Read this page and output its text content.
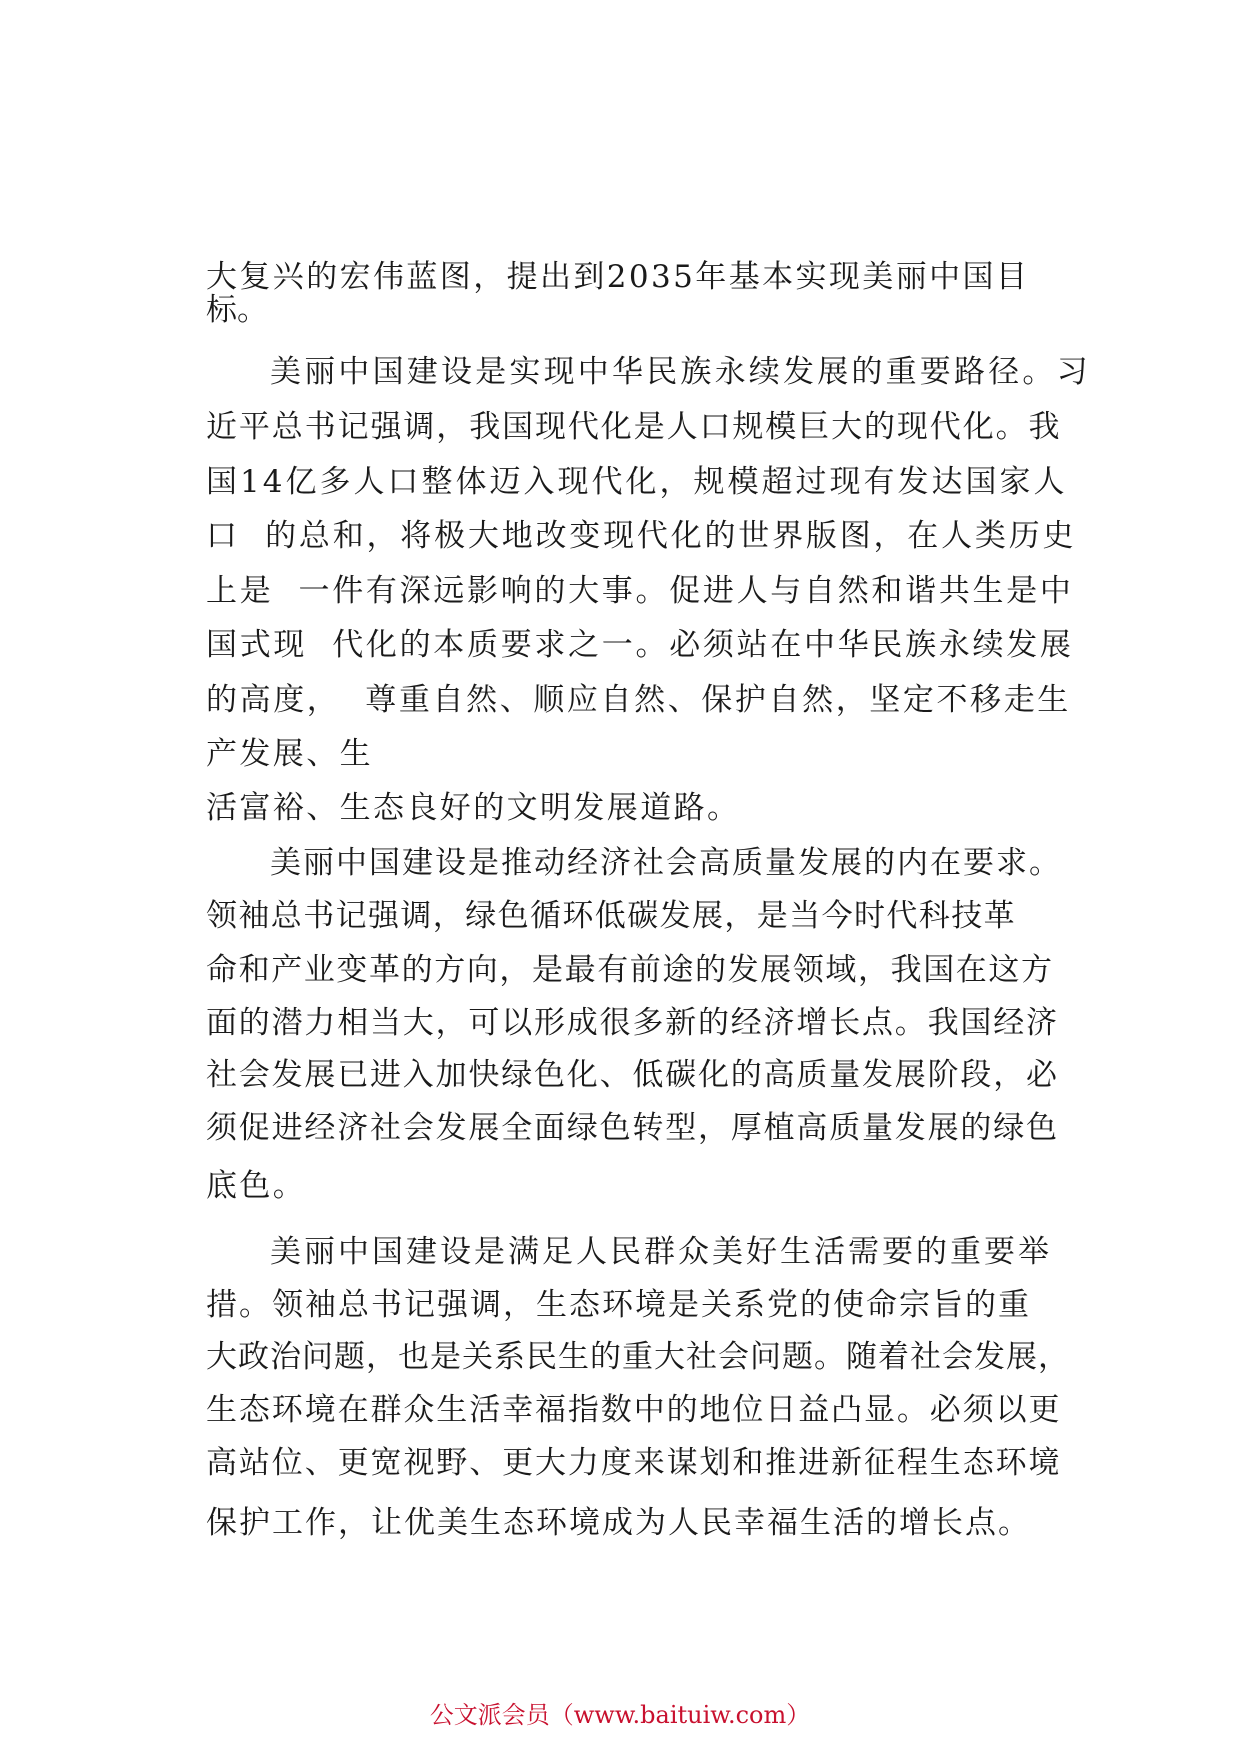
大复兴的宏伟蓝图，提出到2035年基本实现美丽中国目
标。
美丽中国建设是实现中华民族永续发展的重要路径。习
近平总书记强调，我国现代化是人口规模巨大的现代化。我
国14亿多人口整体迈入现代化，规模超过现有发达国家人
口  的总和，将极大地改变现代化的世界版图，在人类历史
上是  一件有深远影响的大事。促进人与自然和谐共生是中
国式现  代化的本质要求之一。必须站在中华民族永续发展
的高度，  尊重自然、顺应自然、保护自然，坚定不移走生
产发展、生
活富裕、生态良好的文明发展道路。
美丽中国建设是推动经济社会高质量发展的内在要求。
领袖总书记强调，绿色循环低碳发展，是当今时代科技革
命和产业变革的方向，是最有前途的发展领域，我国在这方
面的潜力相当大，可以形成很多新的经济增长点。我国经济
社会发展已进入加快绿色化、低碳化的高质量发展阶段，必
须促进经济社会发展全面绿色转型，厚植高质量发展的绿色
底色。
美丽中国建设是满足人民群众美好生活需要的重要举
措。领袖总书记强调，生态环境是关系党的使命宗旨的重
大政治问题，也是关系民生的重大社会问题。随着社会发展，
生态环境在群众生活幸福指数中的地位日益凸显。必须以更
高站位、更宽视野、更大力度来谋划和推进新征程生态环境
保护工作，让优美生态环境成为人民幸福生活的增长点。
公文派会员（www.baituiw.com）
